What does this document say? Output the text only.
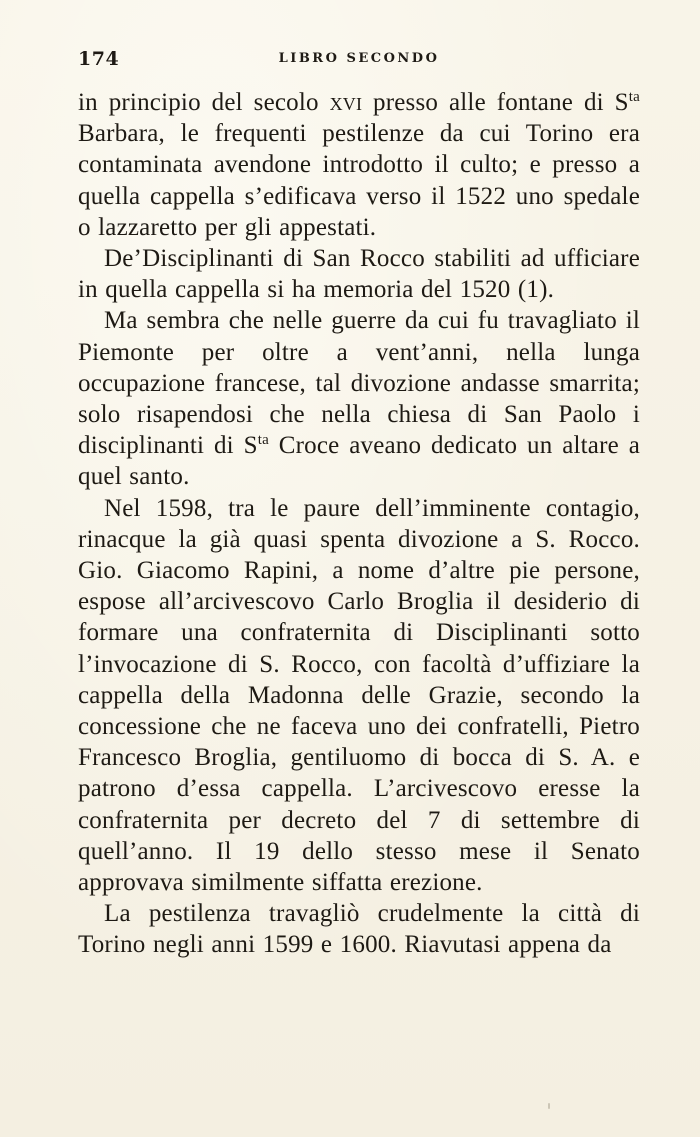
174	LIBRO SECONDO

in principio del secolo xvi presso alle fontane di $S^{ta}$ Barbara, le frequenti pestilenze da cui Torino era contaminata avendone introdotto il culto; e presso a quella cappella s’edificava verso il 1522 uno spedale o lazzaretto per gli appestati.

De’Disciplinanti di San Rocco stabiliti ad ufficiare in quella cappella si ha memoria del 1520 (1).

Ma sembra che nelle guerre da cui fu travagliato il Piemonte per oltre a vent’anni, nella lunga occupazione francese, tal divozione andasse smarrita; solo risapendosi che nella chiesa di San Paolo i disciplinanti di $S^{ta}$ Croce aveano dedicato un altare a quel santo.

Nel 1598, tra le paure dell’imminente contagio, rinacque la già quasi spenta divozione a S. Rocco. Gio. Giacomo Rapini, a nome d’altre pie persone, espose all’arcivescovo Carlo Broglia il desiderio di formare una confraternita di Disciplinanti sotto l’invocazione di S. Rocco, con facoltà d’uffiziare la cappella della Madonna delle Grazie, secondo la concessione che ne faceva uno dei confratelli, Pietro Francesco Broglia, gentiluomo di bocca di S. A. e patrono d’essa cappella. L’arcivescovo eresse la confraternita per decreto del 7 di settembre di quell’anno. Il 19 dello stesso mese il Senato approvava similmente siffatta erezione.

La pestilenza travagliò crudelmente la città di Torino negli anni 1599 e 1600. Riavutasi appena da
